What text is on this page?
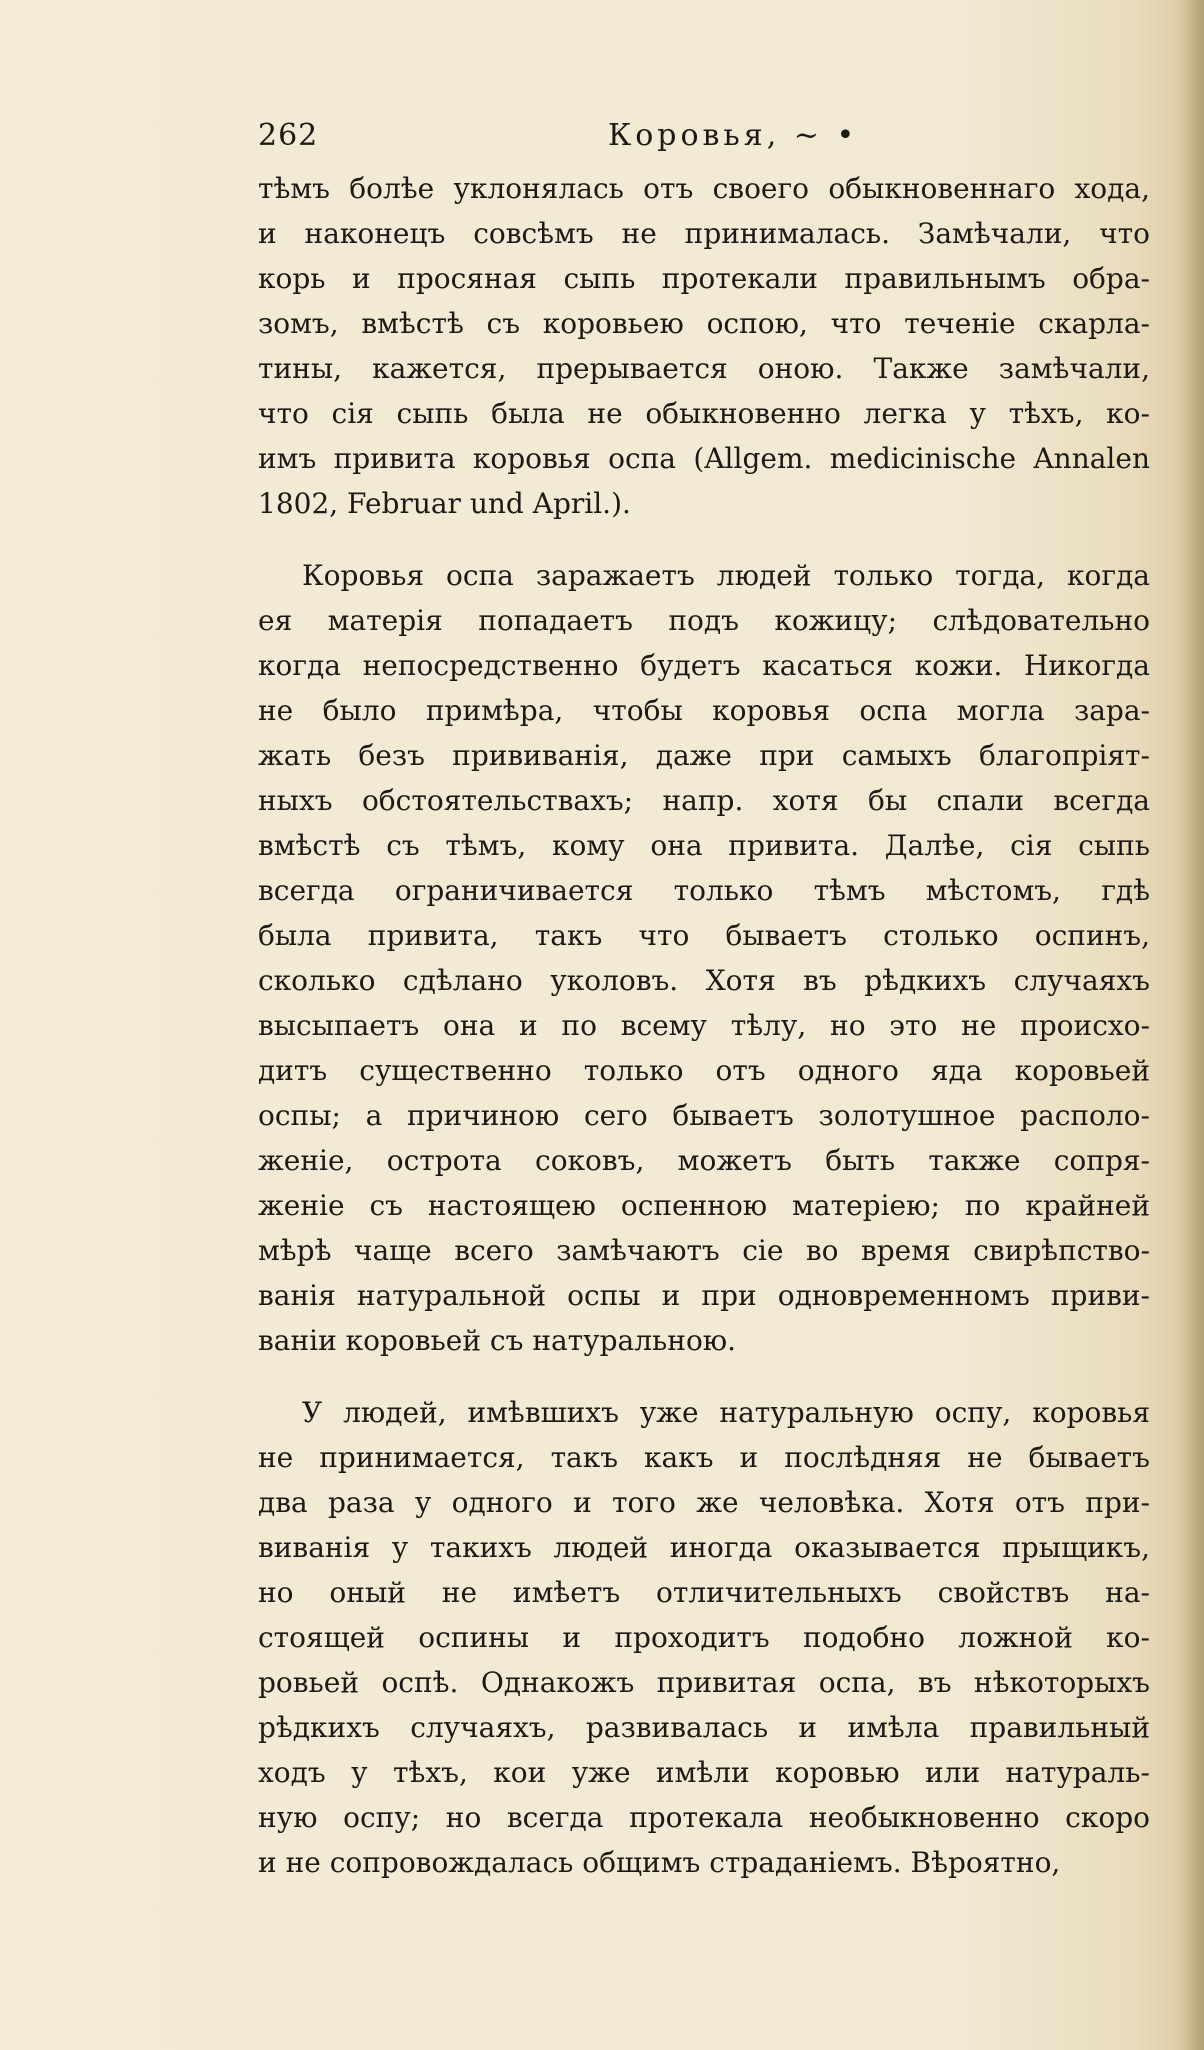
262	Коровья, ~ •
тѣмъ болѣе уклонялась отъ своего обыкновеннаго хода,
и наконецъ совсѣмъ не принималась. Замѣчали, что
корь и просяная сыпь протекали правильнымъ обра-
зомъ, вмѣстѣ съ коровьею оспою, что теченіе скарла-
тины, кажется, прерывается оною. Также замѣчали,
что сія сыпь была не обыкновенно легка у тѣхъ, ко-
имъ привита коровья оспа (Allgem. medicinische Annalen
1802, Februar und April.).
Коровья оспа заражаетъ людей только тогда, когда
ея матерія попадаетъ подъ кожицу; слѣдовательно
когда непосредственно будетъ касаться кожи. Никогда
не было примѣра, чтобы коровья оспа могла зара-
жать безъ прививанія, даже при самыхъ благопріят-
ныхъ обстоятельствахъ; напр. хотя бы спали всегда
вмѣстѣ съ тѣмъ, кому она привита. Далѣе, сія сыпь
всегда ограничивается только тѣмъ мѣстомъ, гдѣ
была привита, такъ что бываетъ столько оспинъ,
сколько сдѣлано уколовъ. Хотя въ рѣдкихъ случаяхъ
высыпаетъ она и по всему тѣлу, но это не происхо-
дитъ существенно только отъ одного яда коровьей
оспы; а причиною сего бываетъ золотушное располо-
женіе, острота соковъ, можетъ быть также сопря-
женіе съ настоящею оспенною матеріею; по крайней
мѣрѣ чаще всего замѣчаютъ сіе во время свирѣпство-
ванія натуральной оспы и при одновременномъ приви-
ваніи коровьей съ натуральною.
У людей, имѣвшихъ уже натуральную оспу, коровья
не принимается, такъ какъ и послѣдняя не бываетъ
два раза у одного и того же человѣка. Хотя отъ при-
виванія у такихъ людей иногда оказывается прыщикъ,
но оный не имѣетъ отличительныхъ свойствъ на-
стоящей оспины и проходитъ подобно ложной ко-
ровьей оспѣ. Однакожъ привитая оспа, въ нѣкоторыхъ
рѣдкихъ случаяхъ, развивалась и имѣла правильный
ходъ у тѣхъ, кои уже имѣли коровью или натураль-
ную оспу; но всегда протекала необыкновенно скоро
и не сопровождалась общимъ страданіемъ. Вѣроятно,
